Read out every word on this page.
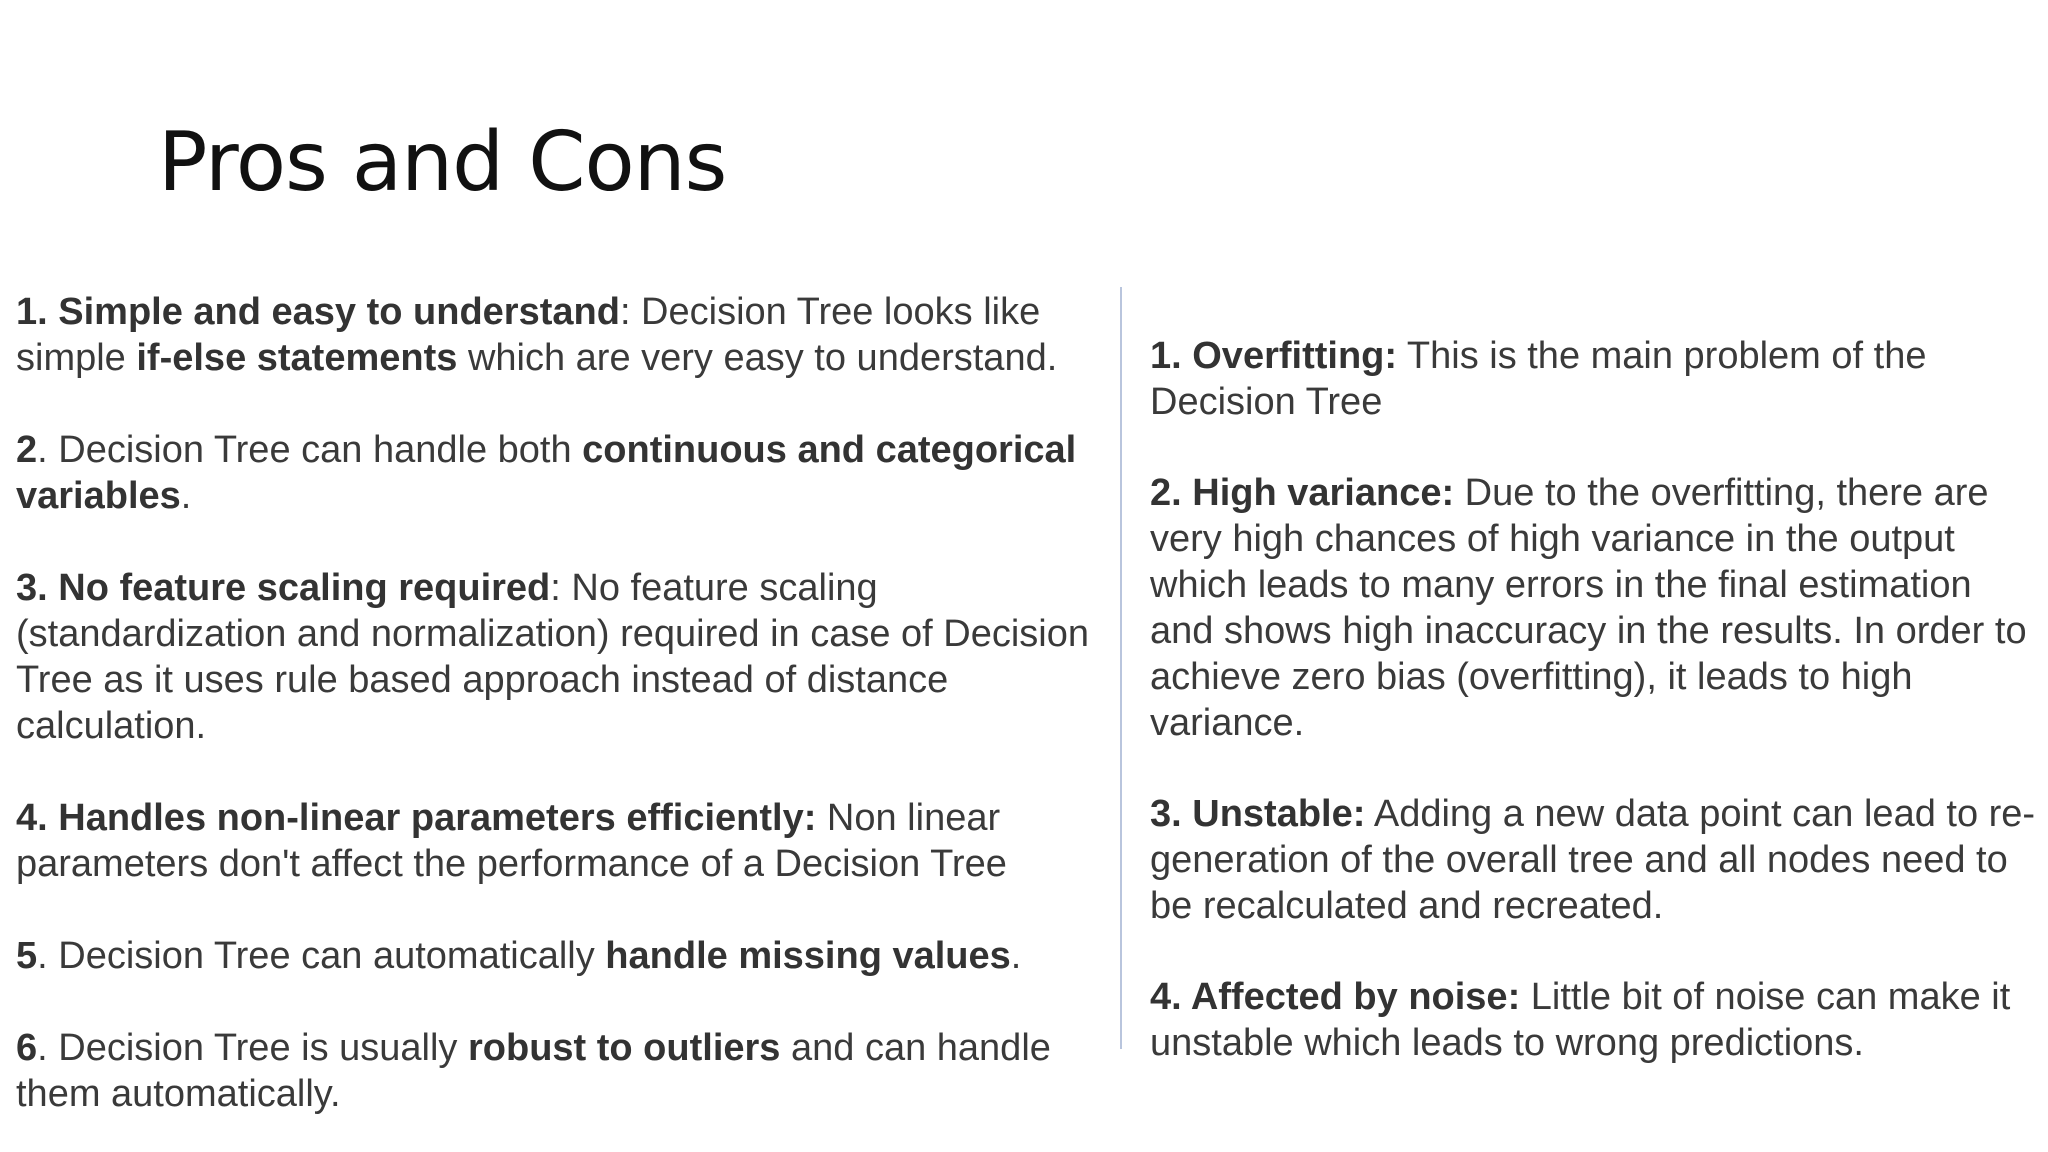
Pros and Cons

1. Simple and easy to understand: Decision Tree looks like simple if-else statements which are very easy to understand.

2. Decision Tree can handle both continuous and categorical variables.

3. No feature scaling required: No feature scaling (standardization and normalization) required in case of Decision Tree as it uses rule based approach instead of distance calculation.

4. Handles non-linear parameters efficiently: Non linear parameters don't affect the performance of a Decision Tree

5. Decision Tree can automatically handle missing values.

6. Decision Tree is usually robust to outliers and can handle them automatically.

1. Overfitting: This is the main problem of the Decision Tree

2. High variance: Due to the overfitting, there are very high chances of high variance in the output which leads to many errors in the final estimation and shows high inaccuracy in the results. In order to achieve zero bias (overfitting), it leads to high variance.

3. Unstable: Adding a new data point can lead to re-generation of the overall tree and all nodes need to be recalculated and recreated.

4. Affected by noise: Little bit of noise can make it unstable which leads to wrong predictions.
